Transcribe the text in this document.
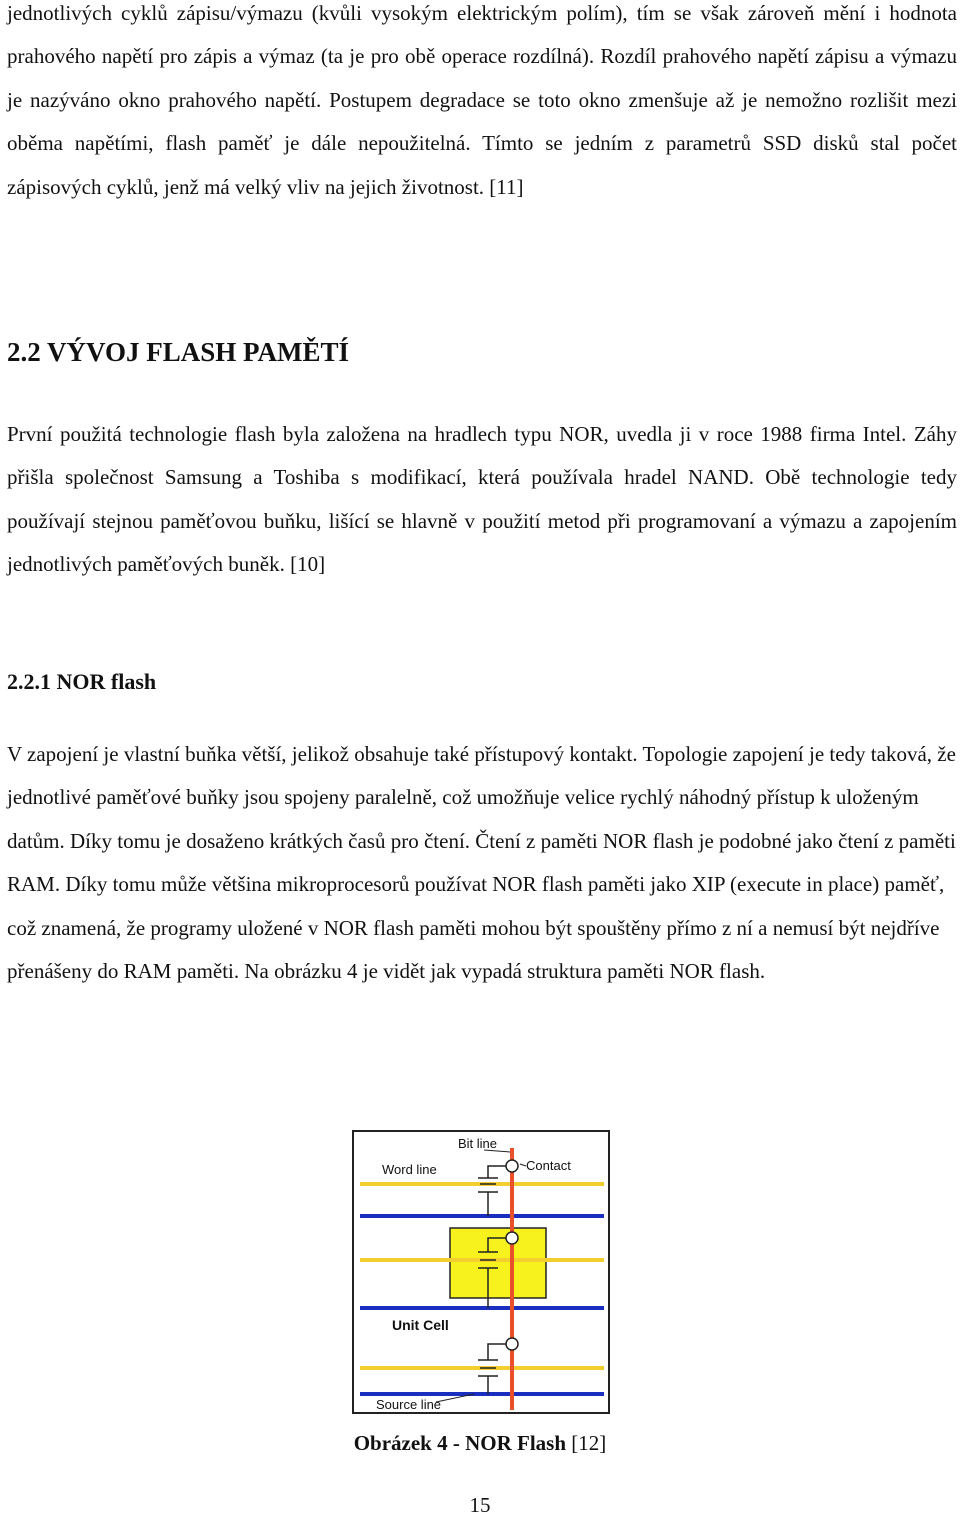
jednotlivých cyklů zápisu/výmazu (kvůli vysokým elektrickým polím), tím se však zároveň mění i hodnota prahového napětí pro zápis a výmaz (ta je pro obě operace rozdílná). Rozdíl prahového napětí zápisu a výmazu je nazýváno okno prahového napětí. Postupem degradace se toto okno zmenšuje až je nemožno rozlišit mezi oběma napětími, flash paměť je dále nepoužitelná. Tímto se jedním z parametrů SSD disků stal počet zápisových cyklů, jenž má velký vliv na jejich životnost. [11]

2.2 VÝVOJ FLASH PAMĚTÍ

První použitá technologie flash byla založena na hradlech typu NOR, uvedla ji v roce 1988 firma Intel. Záhy přišla společnost Samsung a Toshiba s modifikací, která používala hradel NAND. Obě technologie tedy používají stejnou paměťovou buňku, lišící se hlavně v použití metod při programovaní a výmazu a zapojením jednotlivých paměťových buněk. [10]

2.2.1 NOR flash

V zapojení je vlastní buňka větší, jelikož obsahuje také přístupový kontakt. Topologie zapojení je tedy taková, že jednotlivé paměťové buňky jsou spojeny paralelně, což umožňuje velice rychlý náhodný přístup k uloženým datům. Díky tomu je dosaženo krátkých časů pro čtení. Čtení z paměti NOR flash je podobné jako čtení z paměti RAM. Díky tomu může většina mikroprocesorů používat NOR flash paměti jako XIP (execute in place) paměť, což znamená, že programy uložené v NOR flash paměti mohou být spouštěny přímo z ní a nemusí být nejdříve přenášeny do RAM paměti. Na obrázku 4 je vidět jak vypadá struktura paměti NOR flash.

Bit line
Word line	Contact
Unit Cell
Source line

Obrázek 4 - NOR Flash [12]

15
